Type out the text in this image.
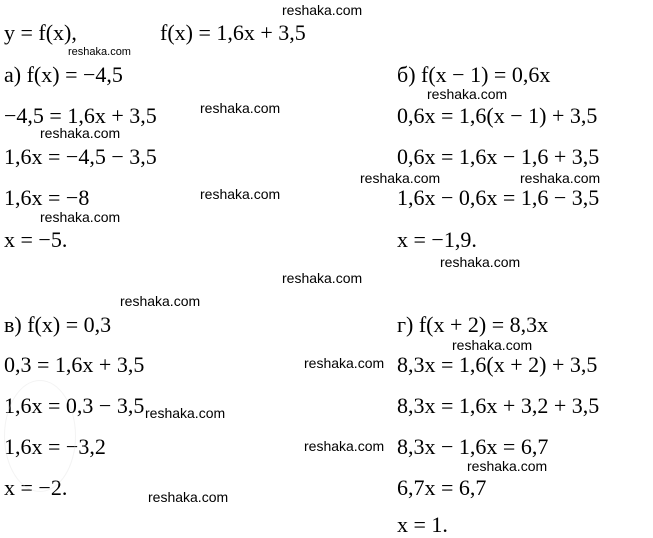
y = f(x),	f(x) = 1,6x + 3,5
а) f(x) = −4,5
−4,5 = 1,6x + 3,5
1,6x = −4,5 − 3,5
1,6x = −8
x = −5.
б) f(x − 1) = 0,6x
0,6x = 1,6(x − 1) + 3,5
0,6x = 1,6x − 1,6 + 3,5
1,6x − 0,6x = 1,6 − 3,5
x = −1,9.
в) f(x) = 0,3
0,3 = 1,6x + 3,5
1,6x = 0,3 − 3,5
1,6x = −3,2
x = −2.
г) f(x + 2) = 8,3x
8,3x = 1,6(x + 2) + 3,5
8,3x = 1,6x + 3,2 + 3,5
8,3x − 1,6x = 6,7
6,7x = 6,7
x = 1.
reshaka.com
reshaka.com
reshaka.com
reshaka.com
reshaka.com
reshaka.com	reshaka.com
reshaka.com
reshaka.com
reshaka.com
reshaka.com
reshaka.com
reshaka.com
reshaka.com
reshaka.com
reshaka.com
reshaka.com
reshaka.com
